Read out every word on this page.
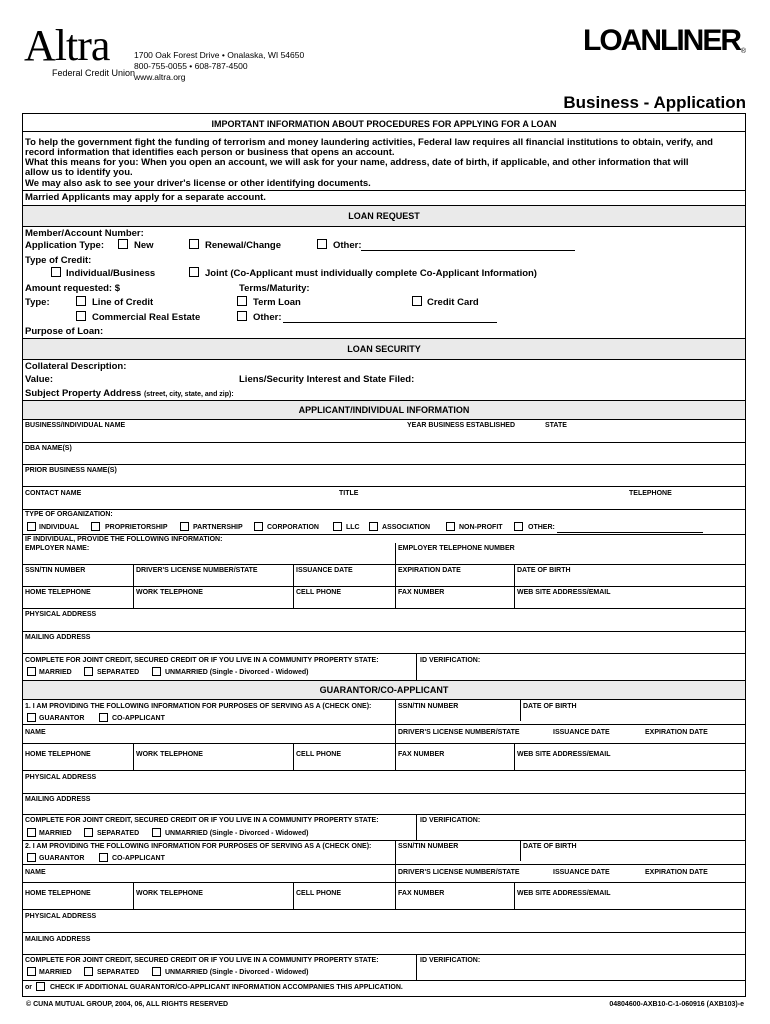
Altra
Federal Credit Union
1700 Oak Forest Drive • Onalaska, WI 54650
800-755-0055 • 608-787-4500
www.altra.org
LOANLINER ®
Business - Application
IMPORTANT INFORMATION ABOUT PROCEDURES FOR APPLYING FOR A LOAN
To help the government fight the funding of terrorism and money laundering activities, Federal law requires all financial institutions to obtain, verify, and
record information that identifies each person or business that opens an account.
What this means for you: When you open an account, we will ask for your name, address, date of birth, if applicable, and other information that will
allow us to identify you.
We may also ask to see your driver's license or other identifying documents.
Married Applicants may apply for a separate account.
LOAN REQUEST
Member/Account Number:
Application Type:	New	Renewal/Change	Other:
Type of Credit:
Individual/Business	Joint (Co-Applicant must individually complete Co-Applicant Information)
Amount requested: $	Terms/Maturity:
Type:	Line of Credit	Term Loan	Credit Card
Commercial Real Estate	Other:
Purpose of Loan:
LOAN SECURITY
Collateral Description:
Value:	Liens/Security Interest and State Filed:
Subject Property Address (street, city, state, and zip):
APPLICANT/INDIVIDUAL INFORMATION
BUSINESS/INDIVIDUAL NAME	YEAR BUSINESS ESTABLISHED	STATE
DBA NAME(S)
PRIOR BUSINESS NAME(S)
CONTACT NAME	TITLE	TELEPHONE
TYPE OF ORGANIZATION:
INDIVIDUAL	PROPRIETORSHIP	PARTNERSHIP	CORPORATION	LLC	ASSOCIATION	NON-PROFIT	OTHER:
IF INDIVIDUAL, PROVIDE THE FOLLOWING INFORMATION:
EMPLOYER NAME:	EMPLOYER TELEPHONE NUMBER
SSN/TIN NUMBER	DRIVER'S LICENSE NUMBER/STATE	ISSUANCE DATE	EXPIRATION DATE	DATE OF BIRTH
HOME TELEPHONE	WORK TELEPHONE	CELL PHONE	FAX NUMBER	WEB SITE ADDRESS/EMAIL
PHYSICAL ADDRESS
MAILING ADDRESS
COMPLETE FOR JOINT CREDIT, SECURED CREDIT OR IF YOU LIVE IN A COMMUNITY PROPERTY STATE:	ID VERIFICATION:
MARRIED	SEPARATED	UNMARRIED (Single - Divorced - Widowed)
GUARANTOR/CO-APPLICANT
1. I AM PROVIDING THE FOLLOWING INFORMATION FOR PURPOSES OF SERVING AS A (CHECK ONE):	SSN/TIN NUMBER	DATE OF BIRTH
GUARANTOR	CO-APPLICANT
NAME	DRIVER'S LICENSE NUMBER/STATE	ISSUANCE DATE	EXPIRATION DATE
HOME TELEPHONE	WORK TELEPHONE	CELL PHONE	FAX NUMBER	WEB SITE ADDRESS/EMAIL
PHYSICAL ADDRESS
MAILING ADDRESS
COMPLETE FOR JOINT CREDIT, SECURED CREDIT OR IF YOU LIVE IN A COMMUNITY PROPERTY STATE:	ID VERIFICATION:
MARRIED	SEPARATED	UNMARRIED (Single - Divorced - Widowed)
2. I AM PROVIDING THE FOLLOWING INFORMATION FOR PURPOSES OF SERVING AS A (CHECK ONE):	SSN/TIN NUMBER	DATE OF BIRTH
GUARANTOR	CO-APPLICANT
NAME	DRIVER'S LICENSE NUMBER/STATE	ISSUANCE DATE	EXPIRATION DATE
HOME TELEPHONE	WORK TELEPHONE	CELL PHONE	FAX NUMBER	WEB SITE ADDRESS/EMAIL
PHYSICAL ADDRESS
MAILING ADDRESS
COMPLETE FOR JOINT CREDIT, SECURED CREDIT OR IF YOU LIVE IN A COMMUNITY PROPERTY STATE:	ID VERIFICATION:
MARRIED	SEPARATED	UNMARRIED (Single - Divorced - Widowed)
or	CHECK IF ADDITIONAL GUARANTOR/CO-APPLICANT INFORMATION ACCOMPANIES THIS APPLICATION.
© CUNA MUTUAL GROUP, 2004, 06, ALL RIGHTS RESERVED	04804600-AXB10-C-1-060916 (AXB103)-e
